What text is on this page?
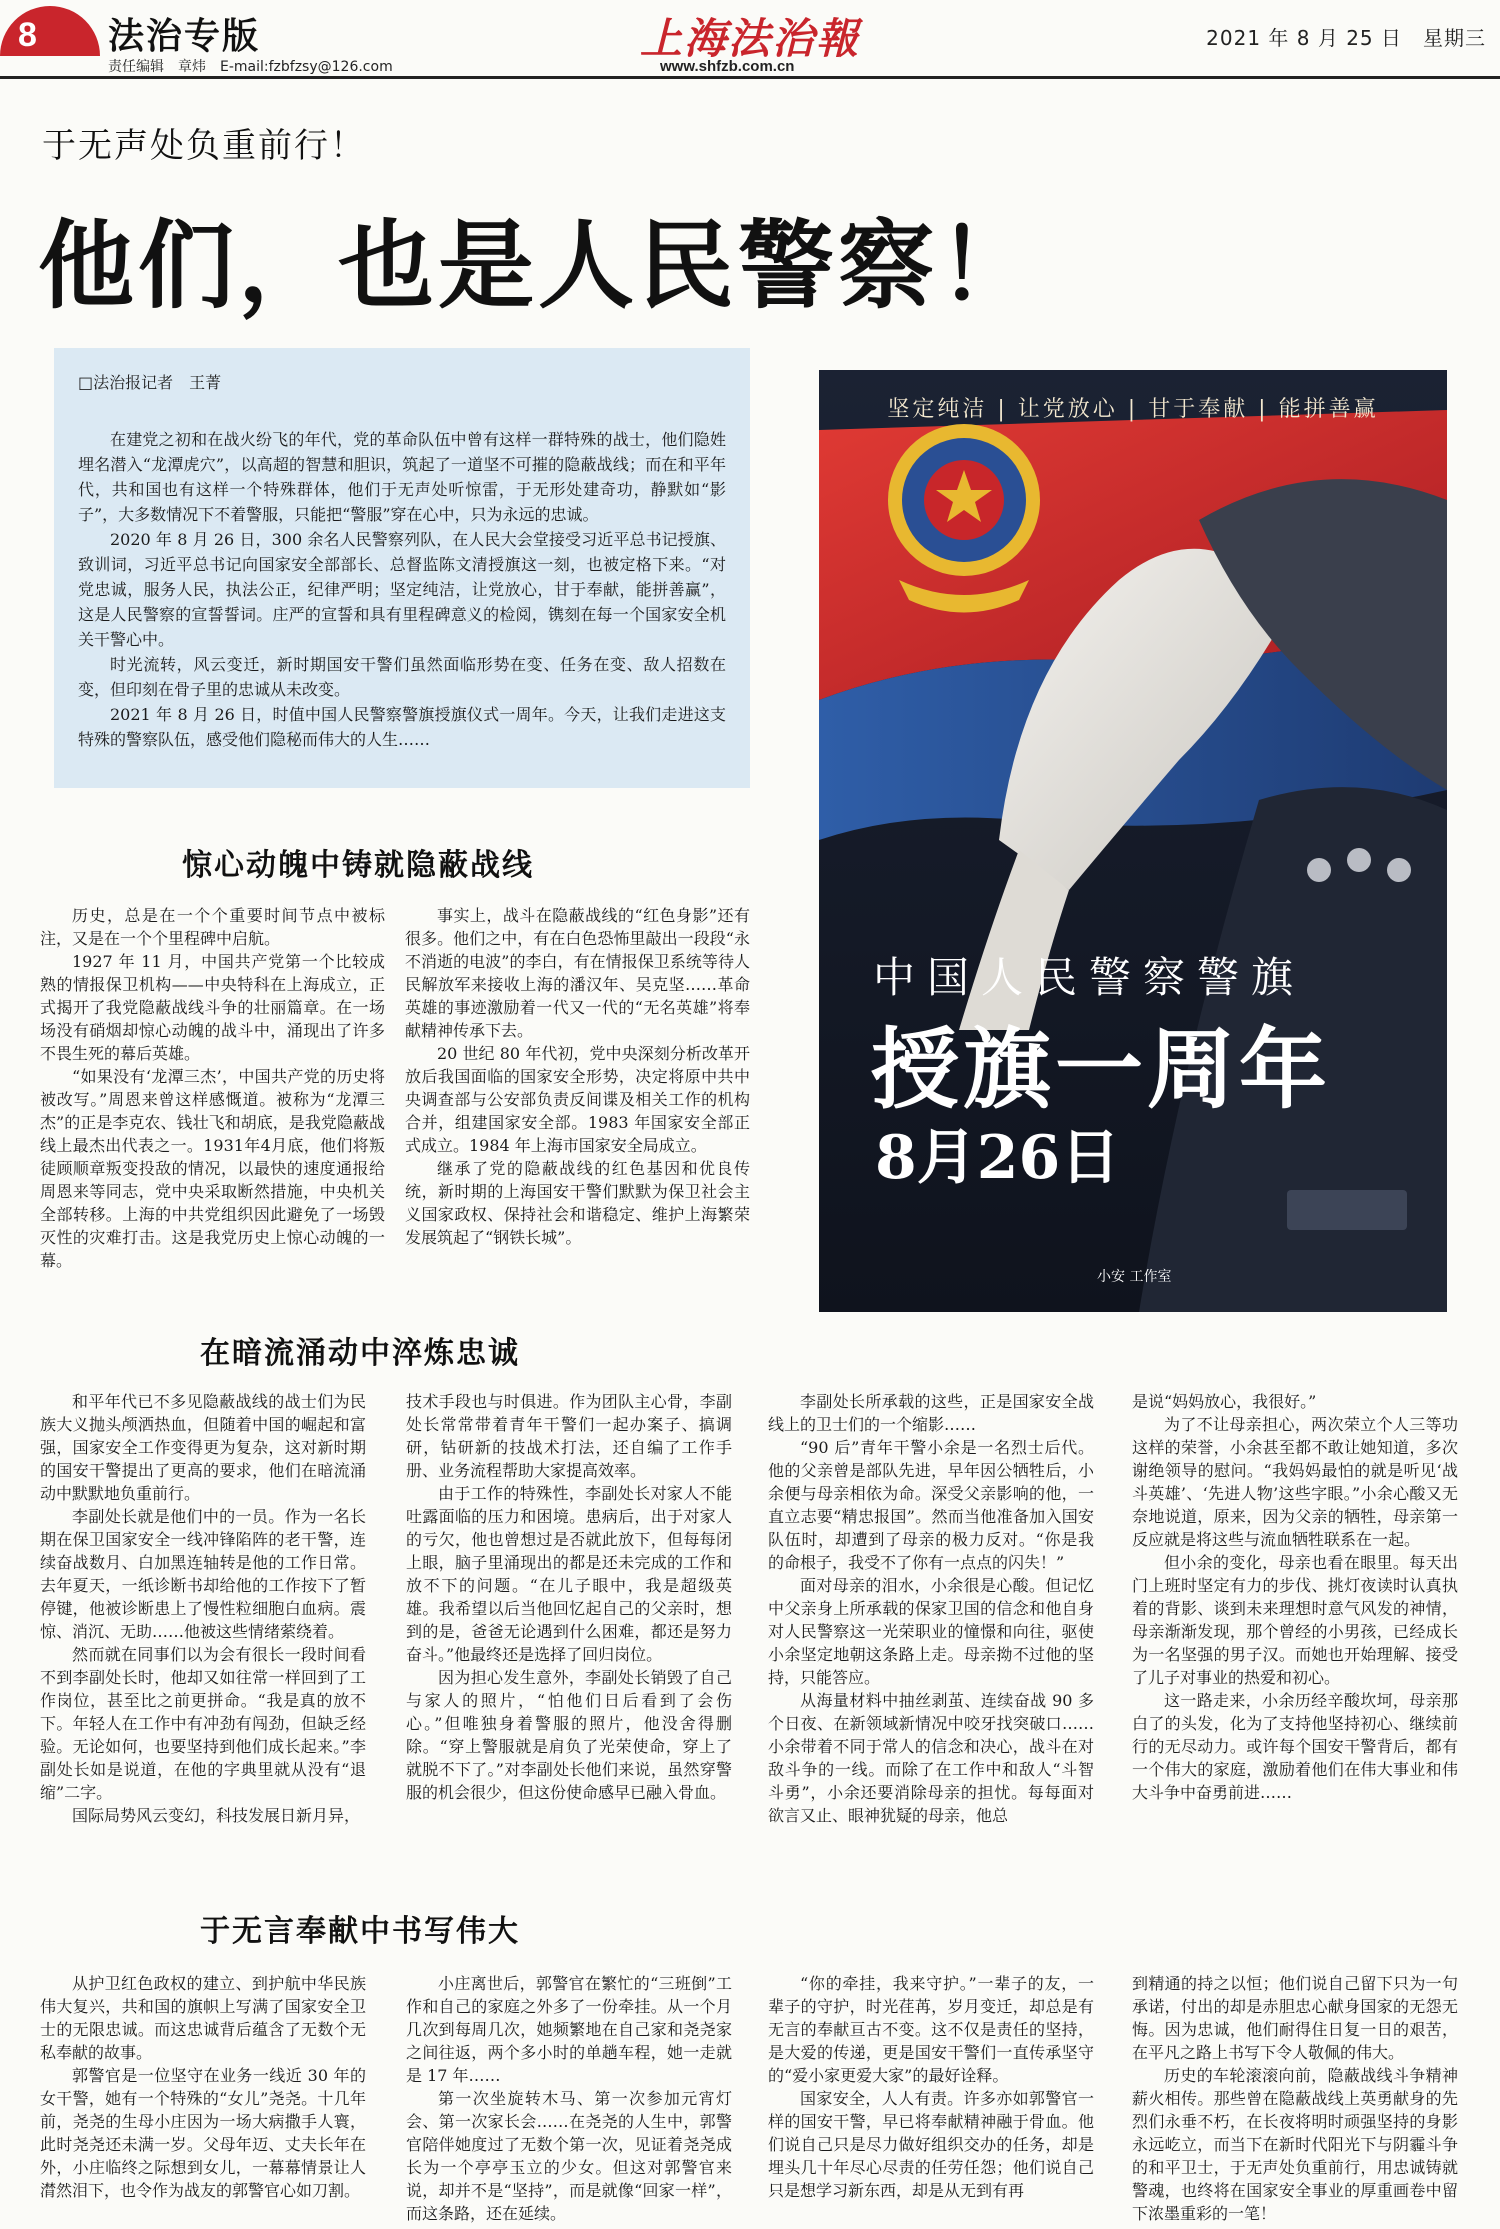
8 法治专版
责任编辑　章炜　E-mail:fzbfzsy@126.com
上海法治報
www.shfzb.com.cn
2021 年 8 月 25 日　星期三
于无声处负重前行！
他们，也是人民警察！
□法治报记者　王菁

在建党之初和在战火纷飞的年代，党的革命队伍中曾有这样一群特殊的战士，他们隐姓埋名潜入“龙潭虎穴”，以高超的智慧和胆识，筑起了一道坚不可摧的隐蔽战线；而在和平年代，共和国也有这样一个特殊群体，他们于无声处听惊雷，于无形处建奇功，静默如“影子”，大多数情况下不着警服，只能把“警服”穿在心中，只为永远的忠诚。

2020 年 8 月 26 日，300 余名人民警察列队，在人民大会堂接受习近平总书记授旗、致训词，习近平总书记向国家安全部部长、总督监陈文清授旗这一刻，也被定格下来。“对党忠诚，服务人民，执法公正，纪律严明；坚定纯洁，让党放心，甘于奉献，能拼善赢”，这是人民警察的宣誓誓词。庄严的宣誓和具有里程碑意义的检阅，镌刻在每一个国家安全机关干警心中。

时光流转，风云变迁，新时期国安干警们虽然面临形势在变、任务在变、敌人招数在变，但印刻在骨子里的忠诚从未改变。

2021 年 8 月 26 日，时值中国人民警察警旗授旗仪式一周年。今天，让我们走进这支特殊的警察队伍，感受他们隐秘而伟大的人生……

坚定纯洁 | 让党放心 | 甘于奉献 | 能拼善赢
中国人民警察警旗
授旗一周年
8月26日
小安 工作室
惊心动魄中铸就隐蔽战线

历史，总是在一个个重要时间节点中被标注，又是在一个个里程碑中启航。

1927 年 11 月，中国共产党第一个比较成熟的情报保卫机构——中央特科在上海成立，正式揭开了我党隐蔽战线斗争的壮丽篇章。在一场场没有硝烟却惊心动魄的战斗中，涌现出了许多不畏生死的幕后英雄。

“如果没有‘龙潭三杰’，中国共产党的历史将被改写。”周恩来曾这样感慨道。被称为“龙潭三杰”的正是李克农、钱壮飞和胡底，是我党隐蔽战线上最杰出代表之一。1931年4月底，他们将叛徒顾顺章叛变投敌的情况，以最快的速度通报给周恩来等同志，党中央采取断然措施，中央机关全部转移。上海的中共党组织因此避免了一场毁灭性的灾难打击。这是我党历史上惊心动魄的一幕。

事实上，战斗在隐蔽战线的“红色身影”还有很多。他们之中，有在白色恐怖里敲出一段段“永不消逝的电波”的李白，有在情报保卫系统等待人民解放军来接收上海的潘汉年、吴克坚……革命英雄的事迹激励着一代又一代的“无名英雄”将奉献精神传承下去。

20 世纪 80 年代初，党中央深刻分析改革开放后我国面临的国家安全形势，决定将原中共中央调查部与公安部负责反间谍及相关工作的机构合并，组建国家安全部。1983 年国家安全部正式成立。1984 年上海市国家安全局成立。

继承了党的隐蔽战线的红色基因和优良传统，新时期的上海国安干警们默默为保卫社会主义国家政权、保持社会和谐稳定、维护上海繁荣发展筑起了“钢铁长城”。

在暗流涌动中淬炼忠诚

和平年代已不多见隐蔽战线的战士们为民族大义抛头颅洒热血，但随着中国的崛起和富强，国家安全工作变得更为复杂，这对新时期的国安干警提出了更高的要求，他们在暗流涌动中默默地负重前行。

李副处长就是他们中的一员。作为一名长期在保卫国家安全一线冲锋陷阵的老干警，连续奋战数月、白加黑连轴转是他的工作日常。去年夏天，一纸诊断书却给他的工作按下了暂停键，他被诊断患上了慢性粒细胞白血病。震惊、消沉、无助……他被这些情绪萦绕着。

然而就在同事们以为会有很长一段时间看不到李副处长时，他却又如往常一样回到了工作岗位，甚至比之前更拼命。“我是真的放不下。年轻人在工作中有冲劲有闯劲，但缺乏经验。无论如何，也要坚持到他们成长起来。”李副处长如是说道，在他的字典里就从没有“退缩”二字。

国际局势风云变幻，科技发展日新月异，

技术手段也与时俱进。作为团队主心骨，李副处长常常带着青年干警们一起办案子、搞调研，钻研新的技战术打法，还自编了工作手册、业务流程帮助大家提高效率。

由于工作的特殊性，李副处长对家人不能吐露面临的压力和困境。患病后，出于对家人的亏欠，他也曾想过是否就此放下，但每每闭上眼，脑子里涌现出的都是还未完成的工作和放不下的问题。“在儿子眼中，我是超级英雄。我希望以后当他回忆起自己的父亲时，想到的是，爸爸无论遇到什么困难，都还是努力奋斗。”他最终还是选择了回归岗位。

因为担心发生意外，李副处长销毁了自己与家人的照片，“怕他们日后看到了会伤心。”但唯独身着警服的照片，他没舍得删除。“穿上警服就是肩负了光荣使命，穿上了就脱不下了。”对李副处长他们来说，虽然穿警服的机会很少，但这份使命感早已融入骨血。

李副处长所承载的这些，正是国家安全战线上的卫士们的一个缩影……

“90 后”青年干警小余是一名烈士后代。他的父亲曾是部队先进，早年因公牺牲后，小余便与母亲相依为命。深受父亲影响的他，一直立志要“精忠报国”。然而当他准备加入国安队伍时，却遭到了母亲的极力反对。“你是我的命根子，我受不了你有一点点的闪失！”

面对母亲的泪水，小余很是心酸。但记忆中父亲身上所承载的保家卫国的信念和他自身对人民警察这一光荣职业的憧憬和向往，驱使小余坚定地朝这条路上走。母亲拗不过他的坚持，只能答应。

从海量材料中抽丝剥茧、连续奋战 90 多个日夜、在新领域新情况中咬牙找突破口……小余带着不同于常人的信念和决心，战斗在对敌斗争的一线。而除了在工作中和敌人“斗智斗勇”，小余还要消除母亲的担忧。每每面对欲言又止、眼神犹疑的母亲，他总

是说“妈妈放心，我很好。”

为了不让母亲担心，两次荣立个人三等功这样的荣誉，小余甚至都不敢让她知道，多次谢绝领导的慰问。“我妈妈最怕的就是听见‘战斗英雄’、‘先进人物’这些字眼。”小余心酸又无奈地说道，原来，因为父亲的牺牲，母亲第一反应就是将这些与流血牺牲联系在一起。

但小余的变化，母亲也看在眼里。每天出门上班时坚定有力的步伐、挑灯夜读时认真执着的背影、谈到未来理想时意气风发的神情，母亲渐渐发现，那个曾经的小男孩，已经成长为一名坚强的男子汉。而她也开始理解、接受了儿子对事业的热爱和初心。

这一路走来，小余历经辛酸坎坷，母亲那白了的头发，化为了支持他坚持初心、继续前行的无尽动力。或许每个国安干警背后，都有一个伟大的家庭，激励着他们在伟大事业和伟大斗争中奋勇前进……

于无言奉献中书写伟大

从护卫红色政权的建立、到护航中华民族伟大复兴，共和国的旗帜上写满了国家安全卫士的无限忠诚。而这忠诚背后蕴含了无数个无私奉献的故事。

郭警官是一位坚守在业务一线近 30 年的女干警，她有一个特殊的“女儿”尧尧。十几年前，尧尧的生母小庄因为一场大病撒手人寰，此时尧尧还未满一岁。父母年迈、丈夫长年在外，小庄临终之际想到女儿，一幕幕情景让人潸然泪下，也令作为战友的郭警官心如刀割。

小庄离世后，郭警官在繁忙的“三班倒”工作和自己的家庭之外多了一份牵挂。从一个月几次到每周几次，她频繁地在自己家和尧尧家之间往返，两个多小时的单趟车程，她一走就是 17 年……

第一次坐旋转木马、第一次参加元宵灯会、第一次家长会……在尧尧的人生中，郭警官陪伴她度过了无数个第一次，见证着尧尧成长为一个亭亭玉立的少女。但这对郭警官来说，却并不是“坚持”，而是就像“回家一样”，而这条路，还在延续。

“你的牵挂，我来守护。”一辈子的友，一辈子的守护，时光荏苒，岁月变迁，却总是有无言的奉献亘古不变。这不仅是责任的坚持，是大爱的传递，更是国安干警们一直传承坚守的“爱小家更爱大家”的最好诠释。

国家安全，人人有责。许多亦如郭警官一样的国安干警，早已将奉献精神融于骨血。他们说自己只是尽力做好组织交办的任务，却是埋头几十年尽心尽责的任劳任怨；他们说自己只是想学习新东西，却是从无到有再

到精通的持之以恒；他们说自己留下只为一句承诺，付出的却是赤胆忠心献身国家的无怨无悔。因为忠诚，他们耐得住日复一日的艰苦，在平凡之路上书写下令人敬佩的伟大。

历史的车轮滚滚向前，隐蔽战线斗争精神薪火相传。那些曾在隐蔽战线上英勇献身的先烈们永垂不朽，在长夜将明时顽强坚持的身影永远屹立，而当下在新时代阳光下与阴霾斗争的和平卫士，于无声处负重前行，用忠诚铸就警魂，也终将在国家安全事业的厚重画卷中留下浓墨重彩的一笔！
